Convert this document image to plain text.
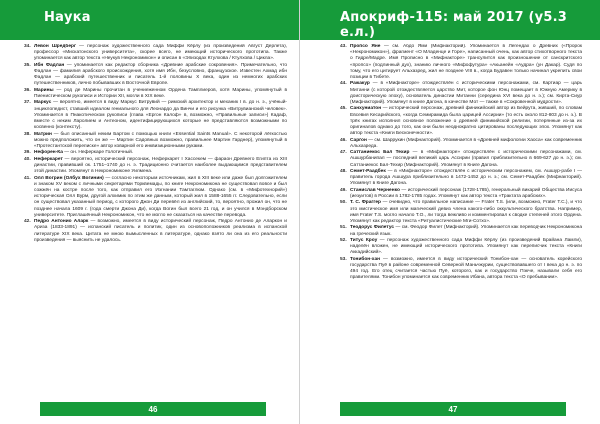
Наука
34. Левон Шредберг — персонаж художественного сада Миффи Кёрлу (из произведений Август Дерлета), профессор «Мискатонского университета», скорее всего, не имеющий исторического прототипа. Также упоминается как автор текста «Неукув Некрономикон» и описан в «Эпизодах Ктулхова / Ктулхова / Цикла».
35. Ибн Фадлан — упоминается как редактор сборника «Древние арабские сокровения». Примечательно, что Фадлан — фамилия арабского происхождения, хотя имя Ибн, безусловно, французское. Известен Ахмад ибн Фадлан — арабский путешественник и писатель 1-й половины X века, один из немногих арабских путешественников, лично побывавших в Восточной Европе.
36. Марины — род де Марины прочитан в учениеженном Ордена Тамплиеров, хотя Марины, упомянутый в Пиенистическом рукописи и Истории XII, могли в XIX веке.
37. Маркус — вероятно, имеется в виду Маркус Витрувий — римский архитектор и механик I в. до н. э., учёный-энциклопедист, ставший идеалом гениального для Леонардо да Винчи и его рисунка «Витрувианский человек». Упоминается в Пнакотическом рукописи (глава «Ергон Калоф» в, возможно, «Правильные записи») Кадаф, вместе с неким Ларолием и Антеоном, идентифицирующихся которые не представляются возможными по косвенно (контексту).
38. Матрин — был описанный неким Бартом с помощью книги «Essential Saints Manual». С некоторой лёгкостью можно предположить, что он же — Мартин Садовных возможно, правильнее Мартин Гарднер), упомянутый в «Протестантской переписке» автор коварной его инквизиционными руками.
39. Нефорен-Ка — он. Неферкаре Голотичный.
40. Неферкарет — вероятно, исторический персонаж, Неферкарет I Хассекем — фараон Древнего Египта из XIII династии, правивший ок. 1751–1740 до н. э. Традиционно считается наиболее выдающимся представителем этой династии. Упомянут в Некрономиконе Уилмена.
41. Олл Вогрин (Олбух Вогинин) — согласно некоторым источникам, жил в XIII веке или даже был долгожителем и знаком XV веком с личными секретарями Торквемады, по книге Некрономикона не существовал вовсе и был сожжён на костре после того, как отправил его Изгнании Тамтаглюм. Однако (см. в «Мифотехнорий») историческая Олл Вурм, другой алхимик по этим же данным, который жил в 1588-1655 гг. Следовательно, если он существовал указанный период, с которого Джон Ди перевёл из английский, то, вероятно, прожил он, что не позднее начала 1609 г. (года смерти Джона Ди), когда Вогин был всего 21 год, и он учился в Мэндборском университете. Приглашённый Некрономикон, что не могло не сказаться на качестве перевода.
42. Педро Антонио Аларк — возможно, имеется в виду исторический персонаж, Педро Антонио де Аларкон и Ариза (1833-1891) — испанский писатель и политик, один из основоположников реализма в испанской литературе XIX века. Цитата не мною вымысленных в литературе, однако взято ли она из его реальности произведения — выяснить не удалось.
46
Апокриф-115: май 2017 (у5.3 е.л.)
43. Пропсо Яне — см. Абдо Ями (Мифнакторий). Упоминается в Легендах о Древних («Пророк «Некрономикон»), фрагмент «О Младенце и Горе», написанный очень, как автор стихотворного текста о Гидре/Мадре. Имя Прописно в «Мифнакторе» трансулится как произношение от санскритского «пропсо» (подлинный дух), знанию личного «Мифофутура» «Акьанейн «Аудра» (ун Дакар). Судя по тому, что его цитирует Альхазред, жил не позднее VIII в., когда Будавен только начинал укрепить свои позиции в Тибете.
44. Ражакур — в «Мифнакторе» отождествлён с историческими персонажами, см. Картиар — царь Митанни (с которой отождествляется царство Мит, которое фон Юнц помещает в Южную Америку в доисторическую эпоху), основатель династии Митанни (середина XVI века до н. э.); см. Кирта-Сиур (Мифнакторий). Упомянут в книге Дагона, в качестве Мот — также в «Сокровенной мудрости».
45. Санхуниатон — исторический персонаж, древний финикийский автор из Бейрута, живший, по словам Евсевия Кесарийского, «когда Семирамида была царицей Ассирии» (то есть около 812-803 до н. э.). В трёх книгах исполнил основное положение о древней финикийской религии, потерянные из-за их оригиналов однако до того, как они были неоднократно цитированы последующих эпох. Упомянут как автор текста «Книги Бесконечности».
46. Саргон — см. Шаррукин (Мифнакторий). Упоминается в «Древней мифологии Хаоса» как современник Альхазреда.
47. Саттаниекос Бал Техир — в «Мифнакторе» отождествлён с историческими персонажами, см. Ашшурбанипал — последний великий царь Ассирии (правил приблизительно в 669-627 до н. э.); см. Саттаниекос Бал-Техир (Мифнакторий). Упомянут в Книге Дагона.
48. Семет-Раадбек — в «Мифнакторе» отождествлён с историческим персонажем, см. Ашшур-рабе I — правитель города Ашшура приблизительно в 1472-1452 до н. э.; см. Семет-Раадбек (Мифнакторий). Упомянут в Книге Дагона.
49. Станислав Черненко — исторический персонаж (1728-1785), генеральный викарий Общества Иисуса (иезуитов) в России в 1782-1785 годах. Упомянут как автор текста «Трактата арабских».
50. Т. С. Фраггер — очевидно, что правильное написание — Frater T.S. (или, возможно, Frater T.C.), и что это мистическое имя или магический девиз члена какого-либо оккультического братства. Например, имя Frater T.S. могло начало Т.О., ли тогда вежливо и комментировал к сводке степеней этого Ордена. Упомянут как редактор текста «Ритуалистические Мги-Сотхо».
51. Теодорус Филетус — см. Феодор Филет (Мифнакторий). Упоминается как переводчик Некрономикона на греческий язык.
52. Титус Кроу — персонаж художественного сада Миффи Кёрлу (из произведений Брайана Ламли), наделён вложен, не имеющий исторического прототипа. Упомянут как переписчик текста «Книги Аккадийский».
53. Тонибон-хан — возможно, имеется в виду исторический Тонибон-хан — основатель корейского государства Пуё в районе современной Северной Маньчжурии, существовавшего от I века до н. э. по 494 год. Его отец считается частью Пуё, которого, как и государство Пэкче, называли себя его правителями. Тонибон упоминается как современник Ибана, автора текста «О пребывании».
47
